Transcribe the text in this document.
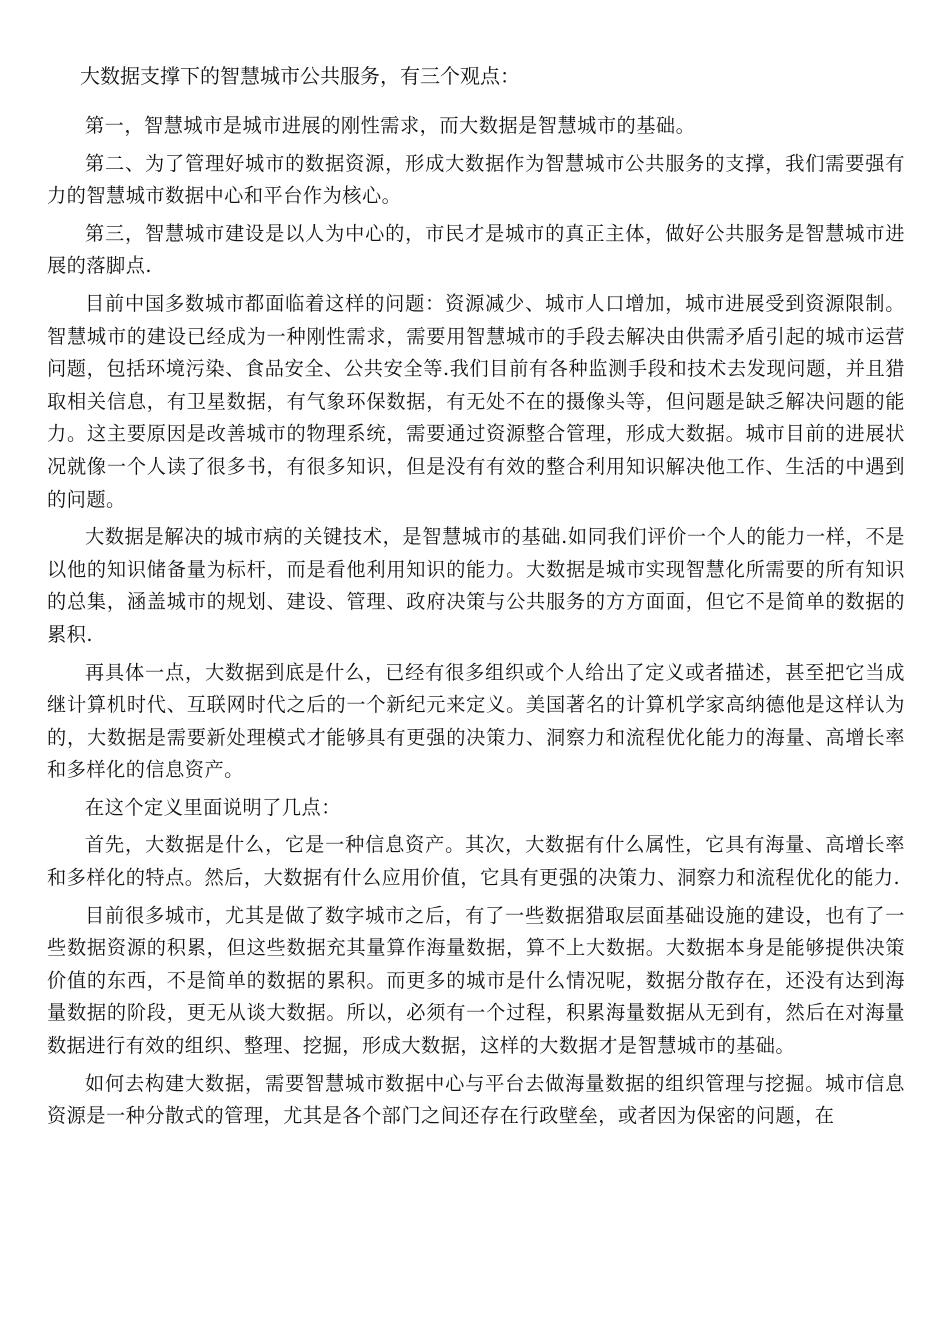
大数据支撑下的智慧城市公共服务，有三个观点：

第一，智慧城市是城市进展的刚性需求，而大数据是智慧城市的基础。

第二、为了管理好城市的数据资源，形成大数据作为智慧城市公共服务的支撑，我们需要强有力的智慧城市数据中心和平台作为核心。

第三，智慧城市建设是以人为中心的，市民才是城市的真正主体，做好公共服务是智慧城市进展的落脚点.

目前中国多数城市都面临着这样的问题：资源减少、城市人口增加，城市进展受到资源限制。智慧城市的建设已经成为一种刚性需求，需要用智慧城市的手段去解决由供需矛盾引起的城市运营问题，包括环境污染、食品安全、公共安全等.我们目前有各种监测手段和技术去发现问题，并且猎取相关信息，有卫星数据，有气象环保数据，有无处不在的摄像头等，但问题是缺乏解决问题的能力。这主要原因是改善城市的物理系统，需要通过资源整合管理，形成大数据。城市目前的进展状况就像一个人读了很多书，有很多知识，但是没有有效的整合利用知识解决他工作、生活的中遇到的问题。

大数据是解决的城市病的关键技术，是智慧城市的基础.如同我们评价一个人的能力一样，不是以他的知识储备量为标杆，而是看他利用知识的能力。大数据是城市实现智慧化所需要的所有知识的总集，涵盖城市的规划、建设、管理、政府决策与公共服务的方方面面，但它不是简单的数据的累积.

再具体一点，大数据到底是什么，已经有很多组织或个人给出了定义或者描述，甚至把它当成继计算机时代、互联网时代之后的一个新纪元来定义。美国著名的计算机学家高纳德他是这样认为的，大数据是需要新处理模式才能够具有更强的决策力、洞察力和流程优化能力的海量、高增长率和多样化的信息资产。

在这个定义里面说明了几点：

首先，大数据是什么，它是一种信息资产。其次，大数据有什么属性，它具有海量、高增长率和多样化的特点。然后，大数据有什么应用价值，它具有更强的决策力、洞察力和流程优化的能力.

目前很多城市，尤其是做了数字城市之后，有了一些数据猎取层面基础设施的建设，也有了一些数据资源的积累，但这些数据充其量算作海量数据，算不上大数据。大数据本身是能够提供决策价值的东西，不是简单的数据的累积。而更多的城市是什么情况呢，数据分散存在，还没有达到海量数据的阶段，更无从谈大数据。所以，必须有一个过程，积累海量数据从无到有，然后在对海量数据进行有效的组织、整理、挖掘，形成大数据，这样的大数据才是智慧城市的基础。

如何去构建大数据，需要智慧城市数据中心与平台去做海量数据的组织管理与挖掘。城市信息资源是一种分散式的管理，尤其是各个部门之间还存在行政壁垒，或者因为保密的问题，在
